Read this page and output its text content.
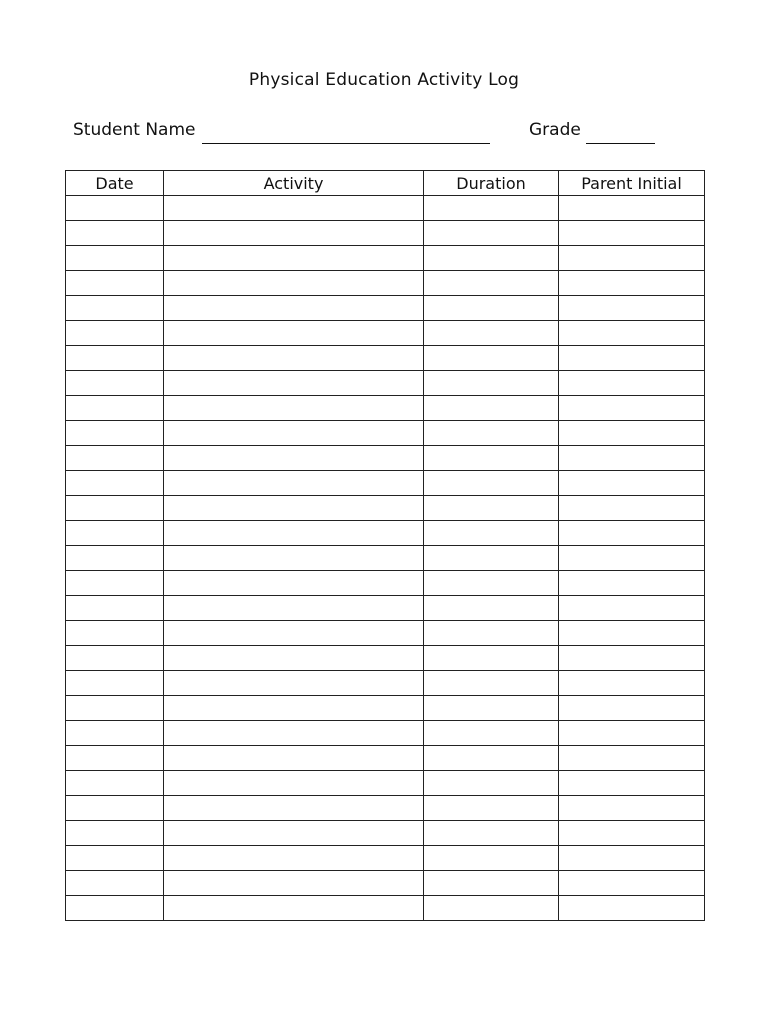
Physical Education Activity Log
Student Name	Grade
Date	Activity	Duration	Parent Initial
